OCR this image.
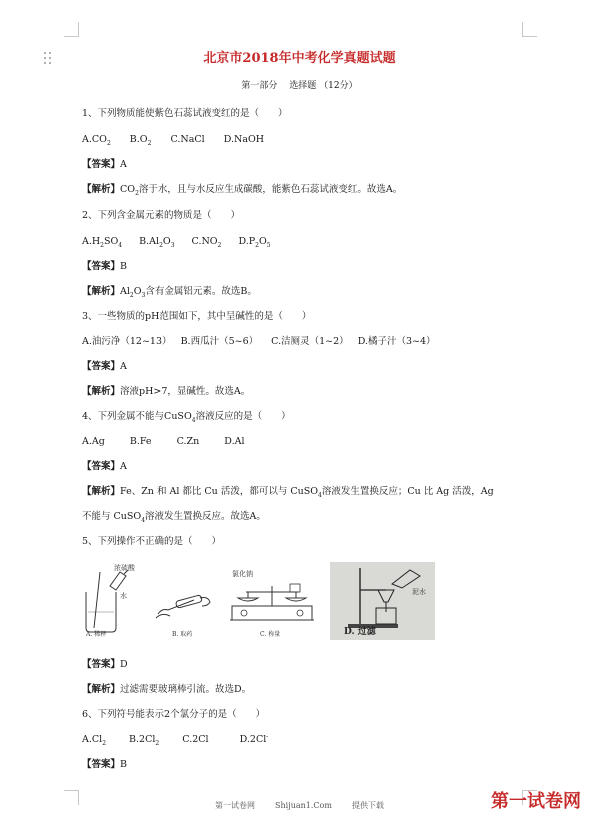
北京市2018年中考化学真题试题
第一部分　 选择题 （12分）
1、下列物质能使紫色石蕊试液变红的是（　　）
$A.CO_2$ $B.O_2$ C.NaCl D.NaOH
【答案】A
【解析】$CO_2$溶于水，且与水反应生成碳酸，能紫色石蕊试液变红。故选A。
2、下列含金属元素的物质是（　　）
$A.H_2SO_4$ $B.Al_2O_3$ $C.NO_2$ $D.P_2O_5$
【答案】B
【解析】$Al_2O_3$含有金属铝元素。故选B。
3、一些物质的pH范围如下，其中呈碱性的是（　　）
A.油污净（12~13） B.西瓜汁（5~6） C.洁厕灵（1~2） D.橘子汁（3~4）
【答案】A
【解析】溶液pH>7，显碱性。故选A。
4、下列金属不能与CuSO$_4$溶液反应的是（　　）
A.Ag	B.Fe	C.Zn	D.Al
【答案】A
【解析】Fe、Zn 和 Al 都比 Cu 活泼，都可以与 CuSO$_4$溶液发生置换反应；Cu 比 Ag 活泼，Ag
不能与 CuSO$_4$溶液发生置换反应。故选A。
5、下列操作不正确的是（　　）
浓硫酸
水
A. 稀释	B. 取药
氯化钠
C. 称量
泥水
D. 过滤
【答案】D
【解析】过滤需要玻璃棒引流。故选D。
6、下列符号能表示2个氯分子的是（　　）
$A.Cl_2$ $B.2Cl_2$ C.2Cl	D.2Cl-
【答案】B
第一试卷网	Shijuan1.Com	提供下载	第一试卷网
